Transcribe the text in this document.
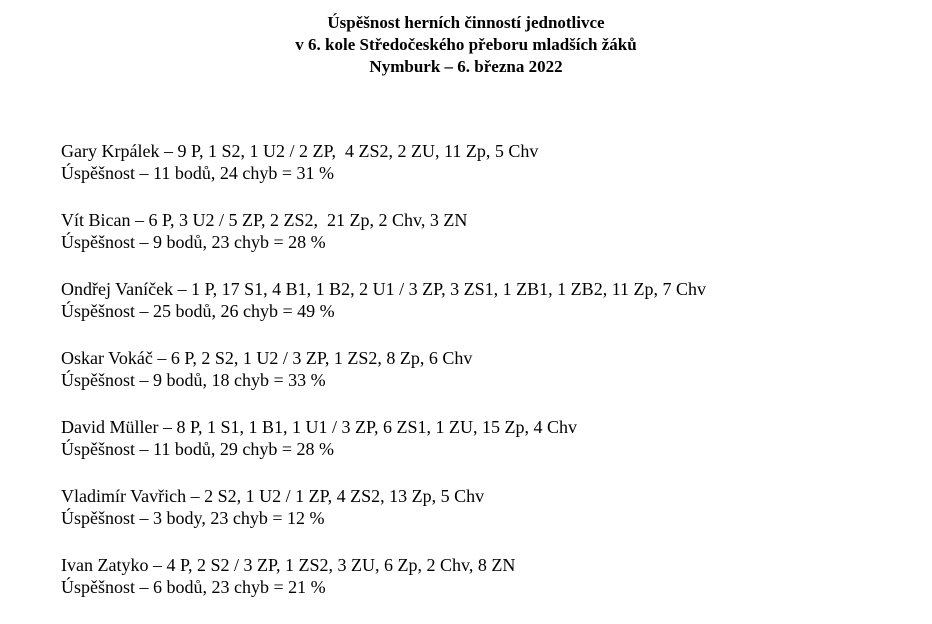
Úspěšnost herních činností jednotlivce
v 6. kole Středočeského přeboru mladších žáků
Nymburk – 6. března 2022
Gary Krpálek – 9 P, 1 S2, 1 U2 / 2 ZP,  4 ZS2, 2 ZU, 11 Zp, 5 Chv
Úspěšnost – 11 bodů, 24 chyb = 31 %
Vít Bican – 6 P, 3 U2 / 5 ZP, 2 ZS2,  21 Zp, 2 Chv, 3 ZN
Úspěšnost – 9 bodů, 23 chyb = 28 %
Ondřej Vaníček – 1 P, 17 S1, 4 B1, 1 B2, 2 U1 / 3 ZP, 3 ZS1, 1 ZB1, 1 ZB2, 11 Zp, 7 Chv
Úspěšnost – 25 bodů, 26 chyb = 49 %
Oskar Vokáč – 6 P, 2 S2, 1 U2 / 3 ZP, 1 ZS2, 8 Zp, 6 Chv
Úspěšnost – 9 bodů, 18 chyb = 33 %
David Müller – 8 P, 1 S1, 1 B1, 1 U1 / 3 ZP, 6 ZS1, 1 ZU, 15 Zp, 4 Chv
Úspěšnost – 11 bodů, 29 chyb = 28 %
Vladimír Vavřich – 2 S2, 1 U2 / 1 ZP, 4 ZS2, 13 Zp, 5 Chv
Úspěšnost – 3 body, 23 chyb = 12 %
Ivan Zatyko – 4 P, 2 S2 / 3 ZP, 1 ZS2, 3 ZU, 6 Zp, 2 Chv, 8 ZN
Úspěšnost – 6 bodů, 23 chyb = 21 %
